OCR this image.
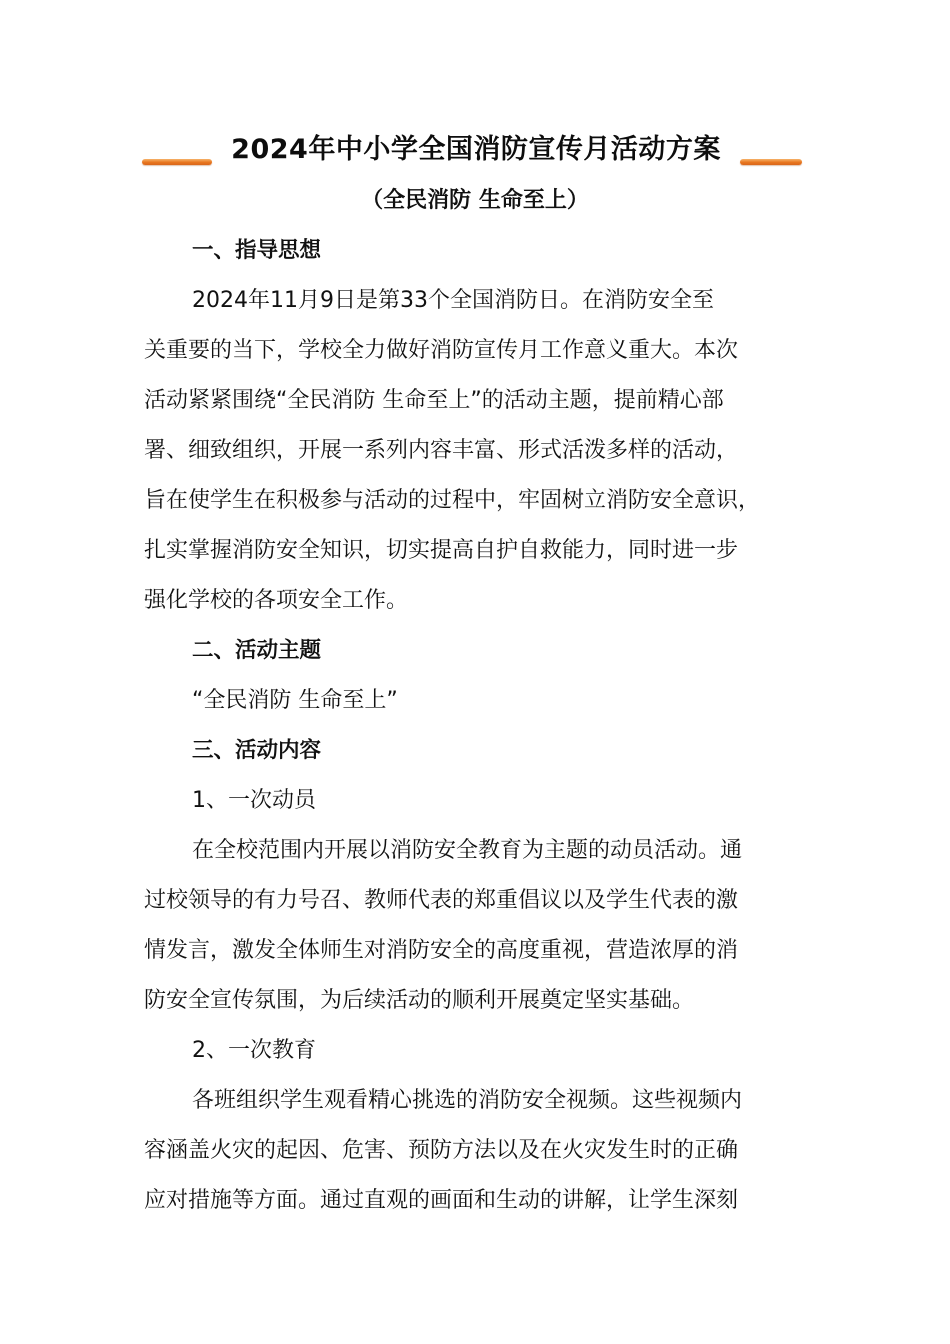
2024年中小学全国消防宣传月活动方案
（全民消防 生命至上）
一、指导思想
2024年11月9日是第33个全国消防日。在消防安全至
关重要的当下，学校全力做好消防宣传月工作意义重大。本次
活动紧紧围绕“全民消防 生命至上”的活动主题，提前精心部
署、细致组织，开展一系列内容丰富、形式活泼多样的活动，
旨在使学生在积极参与活动的过程中，牢固树立消防安全意识，
扎实掌握消防安全知识，切实提高自护自救能力，同时进一步
强化学校的各项安全工作。
二、活动主题
“全民消防 生命至上”
三、活动内容
1、一次动员
在全校范围内开展以消防安全教育为主题的动员活动。通
过校领导的有力号召、教师代表的郑重倡议以及学生代表的激
情发言，激发全体师生对消防安全的高度重视，营造浓厚的消
防安全宣传氛围，为后续活动的顺利开展奠定坚实基础。
2、一次教育
各班组织学生观看精心挑选的消防安全视频。这些视频内
容涵盖火灾的起因、危害、预防方法以及在火灾发生时的正确
应对措施等方面。通过直观的画面和生动的讲解，让学生深刻
